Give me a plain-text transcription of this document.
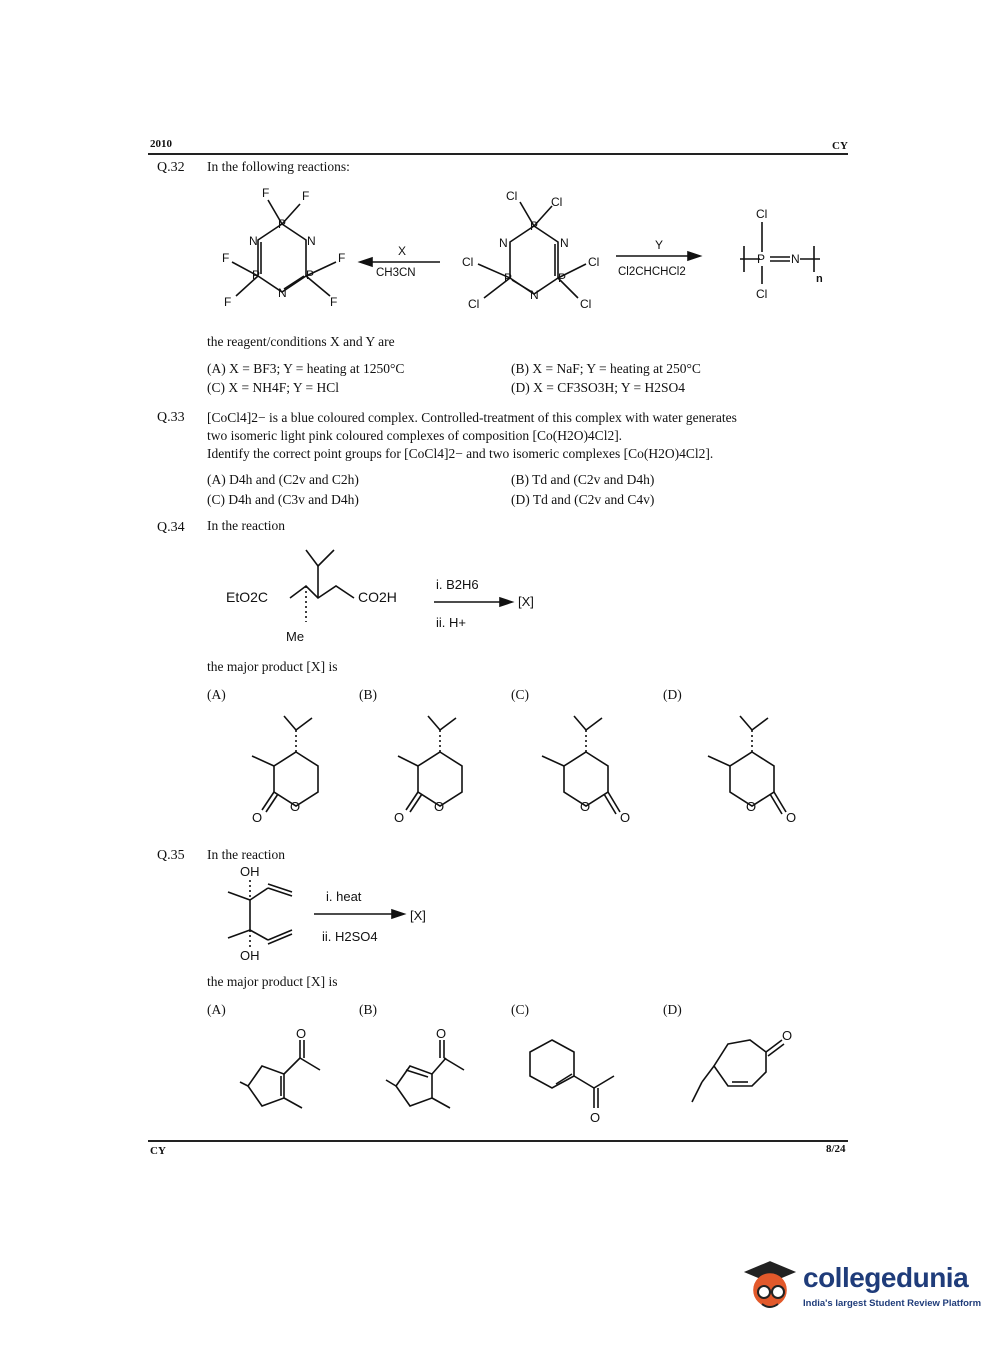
2010	CY
Q.32 In the following reactions:
F	F
P
N	N
P	P
N
F
F
F
F
X
CH3CN
Cl	Cl
P
N	N
P	P
N
Cl
Cl
Cl
Cl
Y
Cl2CHCHCl2
Cl
P N
Cl
n
the reagent/conditions X and Y are
(A) X = BF3; Y = heating at 1250°C	(B) X = NaF; Y = heating at 250°C
(C) X = NH4F; Y = HCl	(D) X = CF3SO3H; Y = H2SO4
Q.33 [CoCl4]2− is a blue coloured complex. Controlled-treatment of this complex with water generates
two isomeric light pink coloured complexes of composition [Co(H2O)4Cl2].
Identify the correct point groups for [CoCl4]2− and two isomeric complexes [Co(H2O)4Cl2].
(A) D4h and (C2v and C2h)	(B) Td and (C2v and D4h)
(C) D4h and (C3v and D4h)	(D) Td and (C2v and C4v)
Q.34 In the reaction
EtO2C	CO2H
Me
i. B2H6
ii. H+
[X]
the major product [X] is
(A)	(B)	(C)	(D)
O
O
O
O
O
O
O
O
Q.35 In the reaction
OH
OH
i. heat
ii. H2SO4
[X]
the major product [X] is
(A)	(B)	(C)	(D)
O	O
O
O
CY	8/24
collegedunia
India's largest Student Review Platform
